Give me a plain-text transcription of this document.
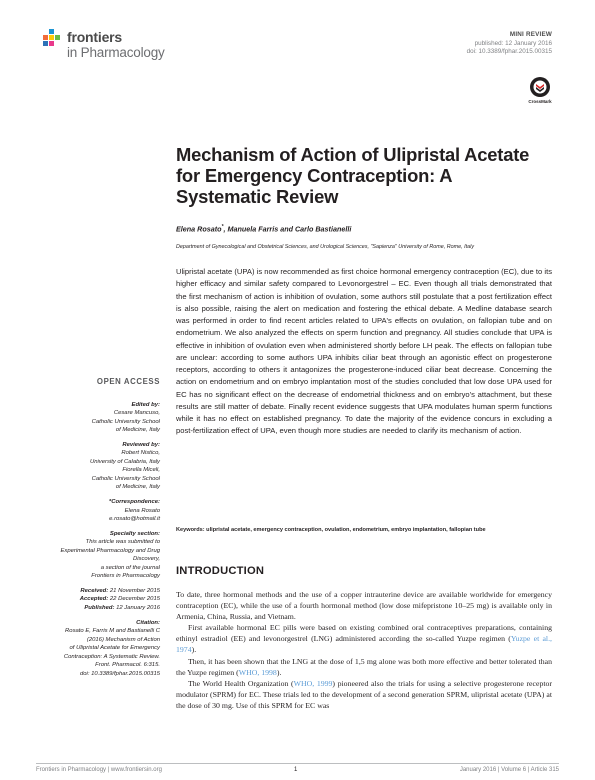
frontiers
in Pharmacology
MINI REVIEW
published: 12 January 2016
doi: 10.3389/fphar.2015.00315
CrossMark
Mechanism of Action of Ulipristal Acetate for Emergency Contraception: A Systematic Review
Elena Rosato*, Manuela Farris and Carlo Bastianelli
Department of Gynecological and Obstetrical Sciences, and Urological Sciences, "Sapienza" University of Rome, Rome, Italy

Ulipristal acetate (UPA) is now recommended as first choice hormonal emergency contraception (EC), due to its higher efficacy and similar safety compared to Levonorgestrel – EC. Even though all trials demonstrated that the first mechanism of action is inhibition of ovulation, some authors still postulate that a post fertilization effect is also possible, raising the alert on medication and fostering the ethical debate. A Medline database search was performed in order to find recent articles related to UPA's effects on ovulation, on fallopian tube and on endometrium. We also analyzed the effects on sperm function and pregnancy. All studies conclude that UPA is effective in inhibition of ovulation even when administered shortly before LH peak. The effects on fallopian tube are unclear: according to some authors UPA inhibits ciliar beat through an agonistic effect on progesterone receptors, according to others it antagonizes the progesterone-induced ciliar beat decrease. Concerning the action on endometrium and on embryo implantation most of the studies concluded that low dose UPA used for EC has no significant effect on the decrease of endometrial thickness and on embryo's attachment, but these results are still matter of debate. Finally recent evidence suggests that UPA modulates human sperm functions while it has no effect on established pregnancy. To date the majority of the evidence concurs in excluding a post-fertilization effect of UPA, even though more studies are needed to clarify its mechanism of action.

Keywords: ulipristal acetate, emergency contraception, ovulation, endometrium, embryo implantation, fallopian tube
OPEN ACCESS
Edited by:
Cesare Mancuso,
Catholic University School
of Medicine, Italy
Reviewed by:
Robert Nistico,
University of Calabria, Italy
Fiorella Miceli,
Catholic University School
of Medicine, Italy
*Correspondence:
Elena Rosato
e.rosato@hotmail.it
Specialty section:
This article was submitted to
Experimental Pharmacology and Drug
Discovery,
a section of the journal
Frontiers in Pharmacology
Received: 21 November 2015
Accepted: 22 December 2015
Published: 12 January 2016
Citation:
Rosato E, Farris M and Bastianelli C
(2016) Mechanism of Action
of Ulipristal Acetate for Emergency
Contraception: A Systematic Review.
Front. Pharmacol. 6:315.
doi: 10.3389/fphar.2015.00315
INTRODUCTION

To date, three hormonal methods and the use of a copper intrauterine device are available worldwide for emergency contraception (EC), while the use of a fourth hormonal method (low dose mifepristone 10–25 mg) is available only in Armenia, China, Russia, and Vietnam.

First available hormonal EC pills were based on existing combined oral contraceptives preparations, containing ethinyl estradiol (EE) and levonorgestrel (LNG) administered according the so-called Yuzpe regimen (Yuzpe et al., 1974).

Then, it has been shown that the LNG at the dose of 1,5 mg alone was both more effective and better tolerated than the Yuzpe regimen (WHO, 1998).

The World Health Organization (WHO, 1999) pioneered also the trials for using a selective progesterone receptor modulator (SPRM) for EC. These trials led to the development of a second generation SPRM, ulipristal acetate (UPA) at the dose of 30 mg. Use of this SPRM for EC was

Frontiers in Pharmacology | www.frontiersin.org	1	January 2016 | Volume 6 | Article 315
